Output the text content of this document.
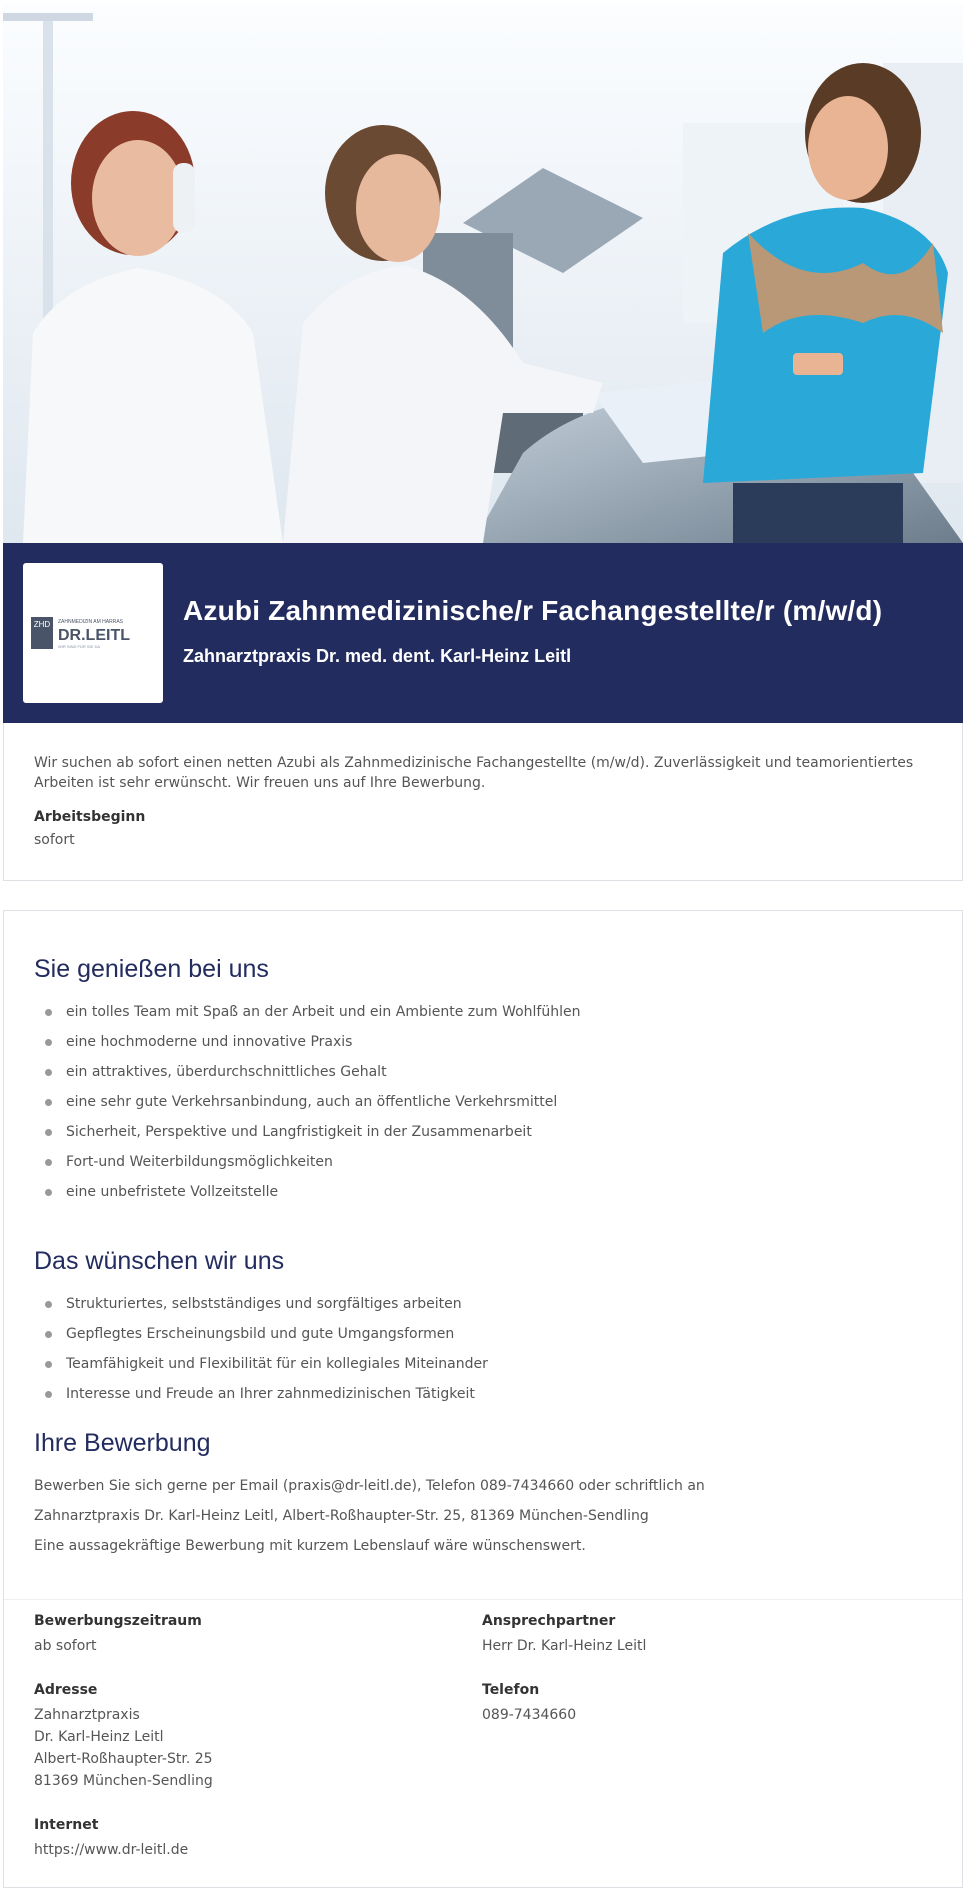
ZHD ZAHNMEDIZIN AM HARRAS
DR.LEITL
WIR SIND FÜR SIE DA
Azubi Zahnmedizinische/r Fachangestellte/r (m/w/d)
Zahnarztpraxis Dr. med. dent. Karl-Heinz Leitl

Wir suchen ab sofort einen netten Azubi als Zahnmedizinische Fachangestellte (m/w/d). Zuverlässigkeit und teamorientiertes Arbeiten ist sehr erwünscht. Wir freuen uns auf Ihre Bewerbung.

Arbeitsbeginn
sofort
Sie genießen bei uns
ein tolles Team mit Spaß an der Arbeit und ein Ambiente zum Wohlfühlen
eine hochmoderne und innovative Praxis
ein attraktives, überdurchschnittliches Gehalt
eine sehr gute Verkehrsanbindung, auch an öffentliche Verkehrsmittel
Sicherheit, Perspektive und Langfristigkeit in der Zusammenarbeit
Fort-und Weiterbildungsmöglichkeiten
eine unbefristete Vollzeitstelle
Das wünschen wir uns
Strukturiertes, selbstständiges und sorgfältiges arbeiten
Gepflegtes Erscheinungsbild und gute Umgangsformen
Teamfähigkeit und Flexibilität für ein kollegiales Miteinander
Interesse und Freude an Ihrer zahnmedizinischen Tätigkeit
Ihre Bewerbung
Bewerben Sie sich gerne per Email (praxis@dr-leitl.de), Telefon 089-7434660 oder schriftlich an
Zahnarztpraxis Dr. Karl-Heinz Leitl, Albert-Roßhaupter-Str. 25, 81369 München-Sendling
Eine aussagekräftige Bewerbung mit kurzem Lebenslauf wäre wünschenswert.
Bewerbungszeitraum
ab sofort
Adresse
Zahnarztpraxis
Dr. Karl-Heinz Leitl
Albert-Roßhaupter-Str. 25
81369 München-Sendling
Internet
https://www.dr-leitl.de
Ansprechpartner
Herr Dr. Karl-Heinz Leitl
Telefon
089-7434660
